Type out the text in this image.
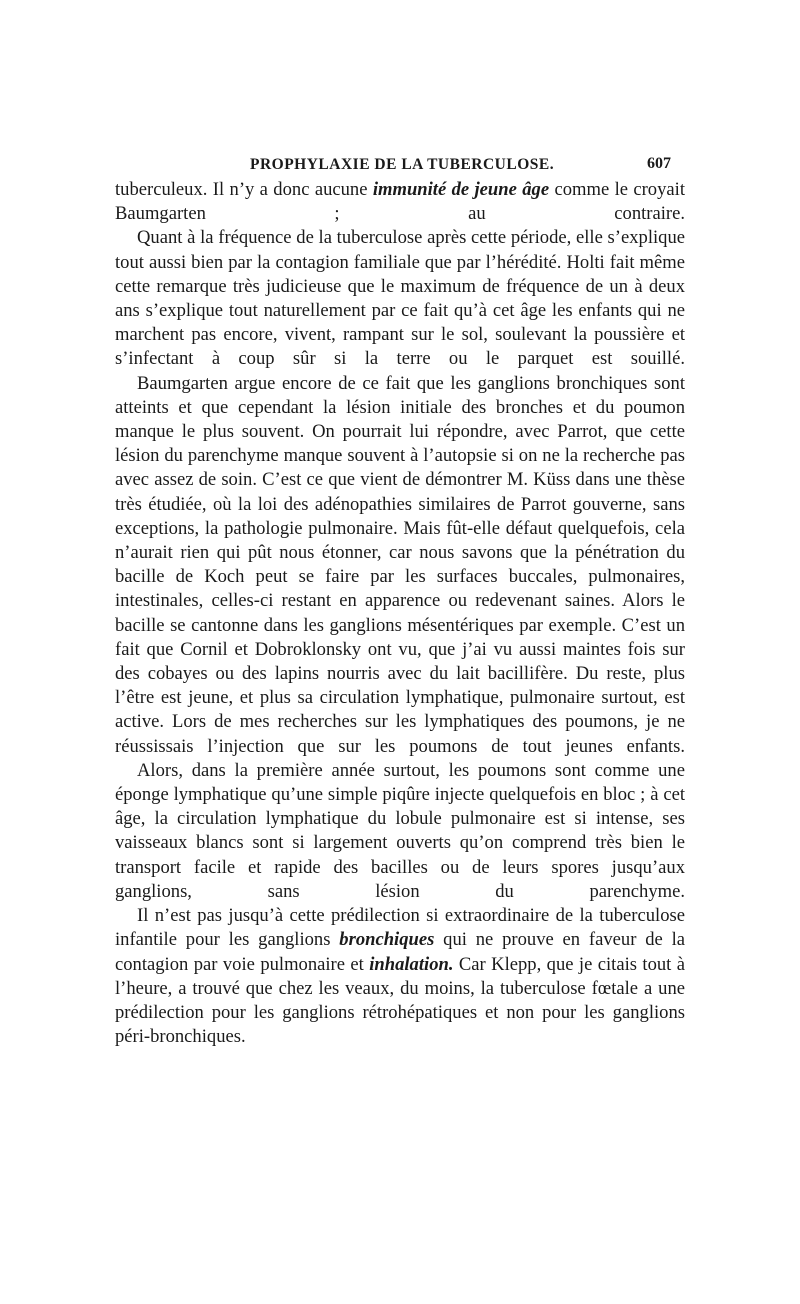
PROPHYLAXIE DE LA TUBERCULOSE.	607

tuberculeux. Il n’y a donc aucune immunité de jeune âge comme le croyait Baumgarten ; au contraire.

Quant à la fréquence de la tuberculose après cette période, elle s’explique tout aussi bien par la contagion familiale que par l’hérédité. Holti fait même cette remarque très judicieuse que le maximum de fréquence de un à deux ans s’explique tout naturellement par ce fait qu’à cet âge les enfants qui ne marchent pas encore, vivent, rampant sur le sol, soulevant la poussière et s’infectant à coup sûr si la terre ou le parquet est souillé.

Baumgarten argue encore de ce fait que les ganglions bronchiques sont atteints et que cependant la lésion initiale des bronches et du poumon manque le plus souvent. On pourrait lui répondre, avec Parrot, que cette lésion du parenchyme manque souvent à l’autopsie si on ne la recherche pas avec assez de soin. C’est ce que vient de démontrer M. Küss dans une thèse très étudiée, où la loi des adénopathies similaires de Parrot gouverne, sans exceptions, la pathologie pulmonaire. Mais fût-elle défaut quelquefois, cela n’aurait rien qui pût nous étonner, car nous savons que la pénétration du bacille de Koch peut se faire par les surfaces buccales, pulmonaires, intestinales, celles-ci restant en apparence ou redevenant saines. Alors le bacille se cantonne dans les ganglions mésentériques par exemple. C’est un fait que Cornil et Dobroklonsky ont vu, que j’ai vu aussi maintes fois sur des cobayes ou des lapins nourris avec du lait bacillifère. Du reste, plus l’être est jeune, et plus sa circulation lymphatique, pulmonaire surtout, est active. Lors de mes recherches sur les lymphatiques des poumons, je ne réussissais l’injection que sur les poumons de tout jeunes enfants.

Alors, dans la première année surtout, les poumons sont comme une éponge lymphatique qu’une simple piqûre injecte quelquefois en bloc ; à cet âge, la circulation lymphatique du lobule pulmonaire est si intense, ses vaisseaux blancs sont si largement ouverts qu’on comprend très bien le transport facile et rapide des bacilles ou de leurs spores jusqu’aux ganglions, sans lésion du parenchyme.

Il n’est pas jusqu’à cette prédilection si extraordinaire de la tuberculose infantile pour les ganglions bronchiques qui ne prouve en faveur de la contagion par voie pulmonaire et inhalation. Car Klepp, que je citais tout à l’heure, a trouvé que chez les veaux, du moins, la tuberculose fœtale a une prédilection pour les ganglions rétrohépatiques et non pour les ganglions péri-bronchiques.
